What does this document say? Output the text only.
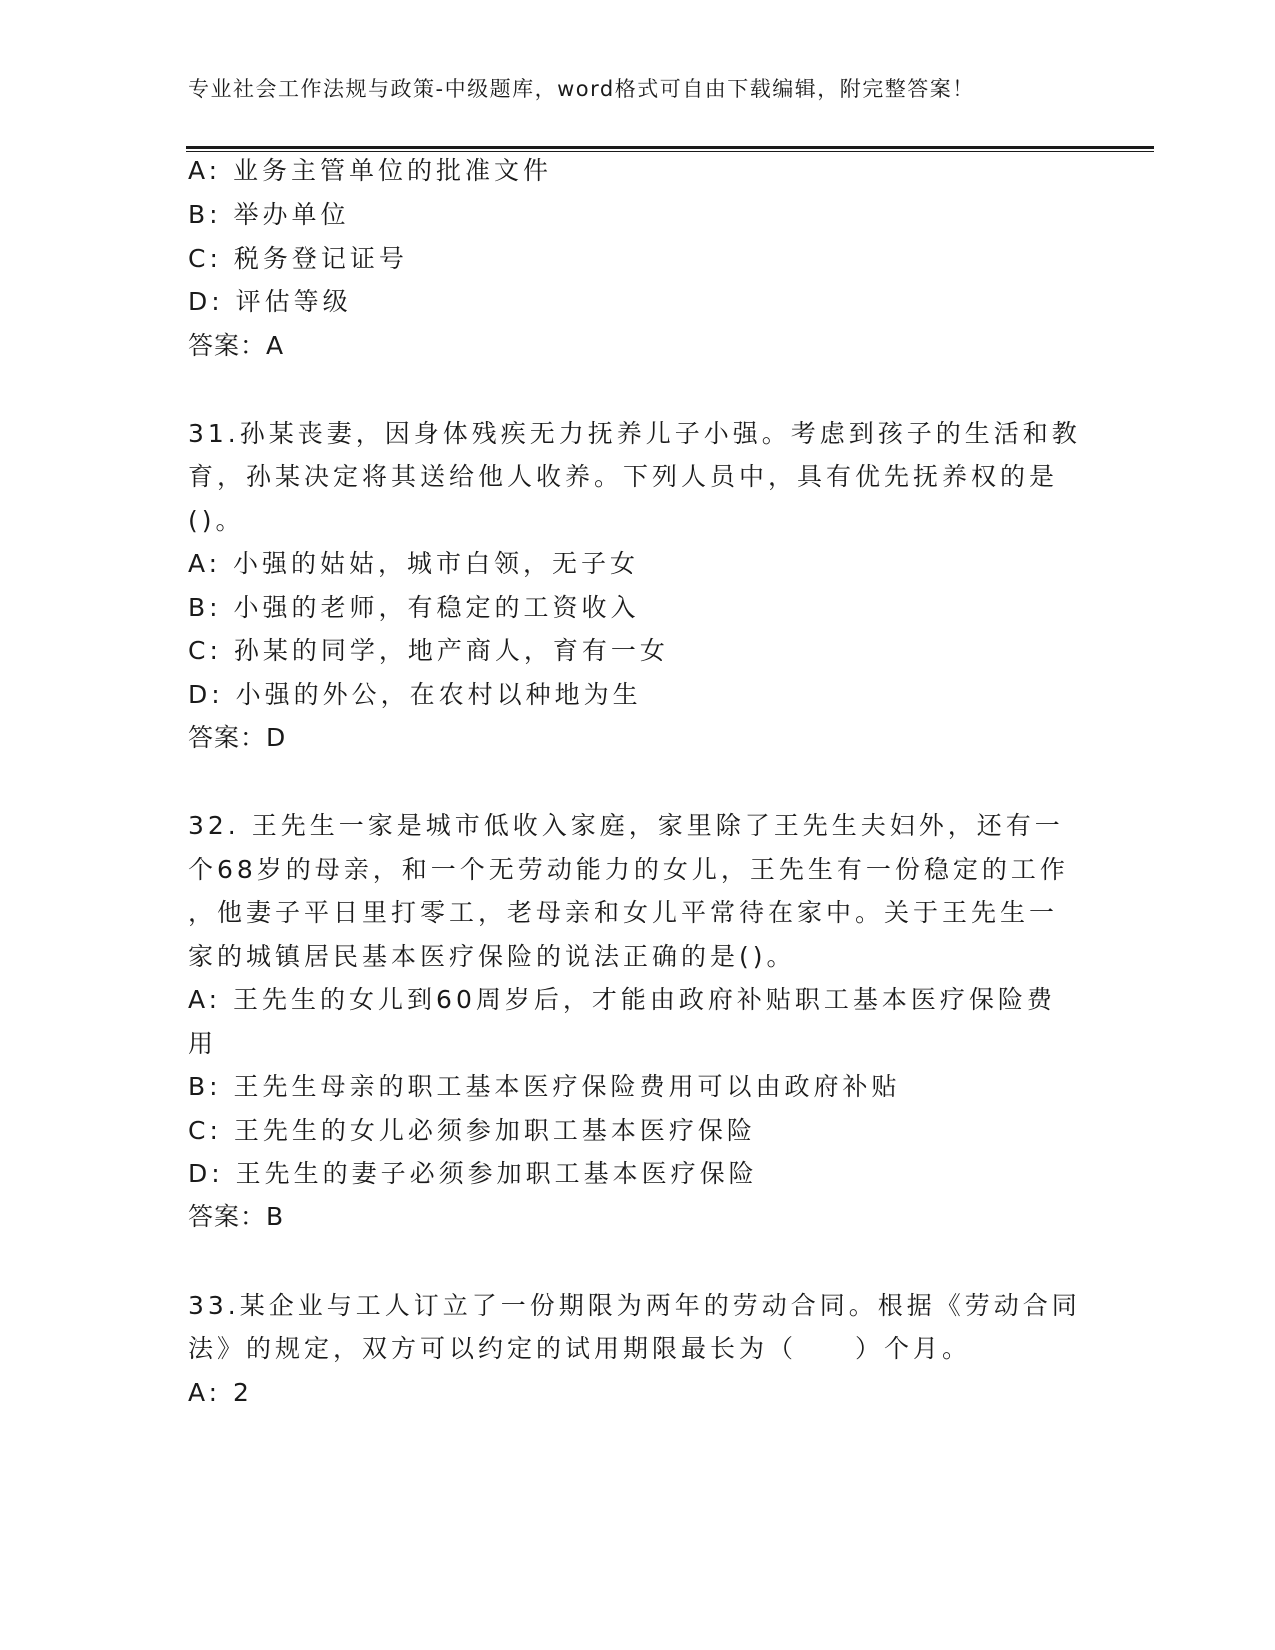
专业社会工作法规与政策-中级题库，word格式可自由下载编辑，附完整答案！
A: 业务主管单位的批准文件
B: 举办单位
C: 税务登记证号
D: 评估等级
答案：A
31.孙某丧妻，因身体残疾无力抚养儿子小强。考虑到孩子的生活和教
育，孙某决定将其送给他人收养。下列人员中，具有优先抚养权的是
()。
A: 小强的姑姑，城市白领，无子女
B: 小强的老师，有稳定的工资收入
C: 孙某的同学，地产商人，育有一女
D: 小强的外公，在农村以种地为生
答案：D
32. 王先生一家是城市低收入家庭，家里除了王先生夫妇外，还有一
个68岁的母亲，和一个无劳动能力的女儿，王先生有一份稳定的工作
，他妻子平日里打零工，老母亲和女儿平常待在家中。关于王先生一
家的城镇居民基本医疗保险的说法正确的是()。
A: 王先生的女儿到60周岁后，才能由政府补贴职工基本医疗保险费
用
B: 王先生母亲的职工基本医疗保险费用可以由政府补贴
C: 王先生的女儿必须参加职工基本医疗保险
D: 王先生的妻子必须参加职工基本医疗保险
答案：B
33.某企业与工人订立了一份期限为两年的劳动合同。根据《劳动合同
法》的规定，双方可以约定的试用期限最长为（　　）个月。
A: 2
